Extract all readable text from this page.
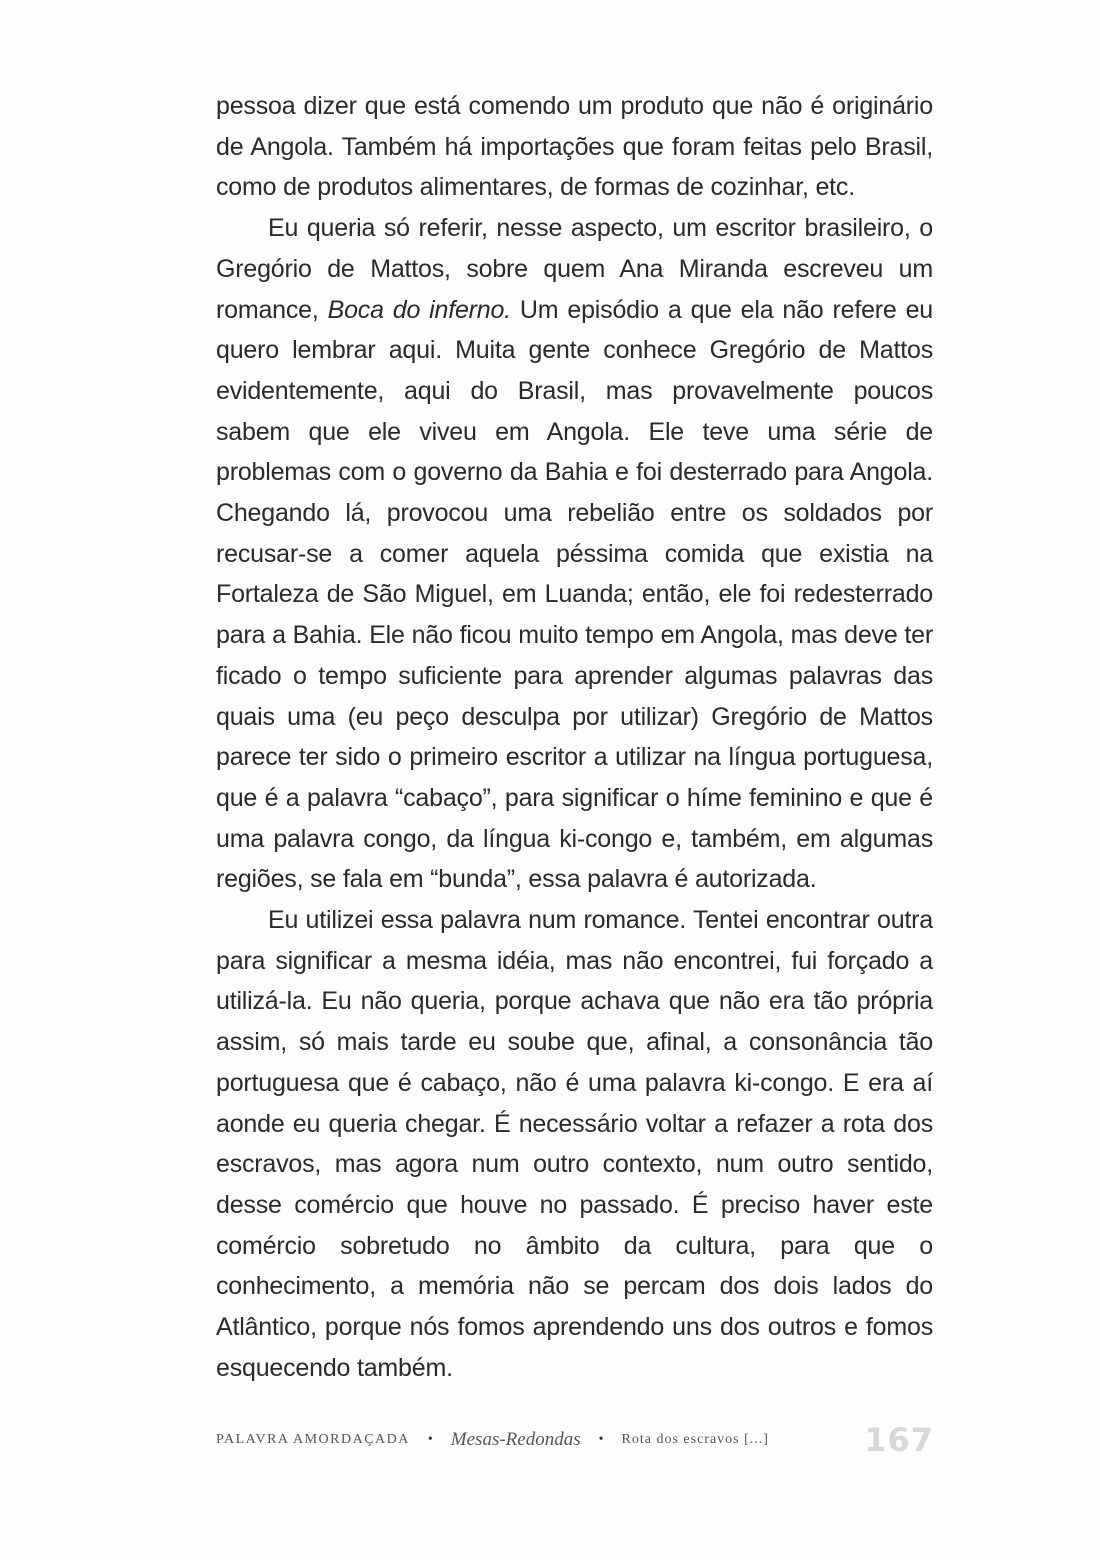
pessoa dizer que está comendo um produto que não é originário de Angola. Também há importações que foram feitas pelo Brasil, como de produtos alimentares, de formas de cozinhar, etc.

Eu queria só referir, nesse aspecto, um escritor brasileiro, o Gregório de Mattos, sobre quem Ana Miranda escreveu um romance, Boca do inferno. Um episódio a que ela não refere eu quero lembrar aqui. Muita gente conhece Gregório de Mattos evidentemente, aqui do Brasil, mas provavelmente poucos sabem que ele viveu em Angola. Ele teve uma série de problemas com o governo da Bahia e foi desterrado para Angola. Chegando lá, provocou uma rebelião entre os soldados por recusar-se a comer aquela péssima comida que existia na Fortaleza de São Miguel, em Luanda; então, ele foi redesterrado para a Bahia. Ele não ficou muito tempo em Angola, mas deve ter ficado o tempo suficiente para aprender algumas palavras das quais uma (eu peço desculpa por utilizar) Gregório de Mattos parece ter sido o primeiro escritor a utilizar na língua portuguesa, que é a palavra “cabaço”, para significar o híme feminino e que é uma palavra congo, da língua ki-congo e, também, em algumas regiões, se fala em “bunda”, essa palavra é autorizada.

Eu utilizei essa palavra num romance. Tentei encontrar outra para significar a mesma idéia, mas não encontrei, fui forçado a utilizá-la. Eu não queria, porque achava que não era tão própria assim, só mais tarde eu soube que, afinal, a consonância tão portuguesa que é cabaço, não é uma palavra ki-congo. E era aí aonde eu queria chegar. É necessário voltar a refazer a rota dos escravos, mas agora num outro contexto, num outro sentido, desse comércio que houve no passado. É preciso haver este comércio sobretudo no âmbito da cultura, para que o conhecimento, a memória não se percam dos dois lados do Atlântico, porque nós fomos aprendendo uns dos outros e fomos esquecendo também.

PALAVRA AMORDAÇADA • Mesas-Redondas • Rota dos escravos [...]	167
